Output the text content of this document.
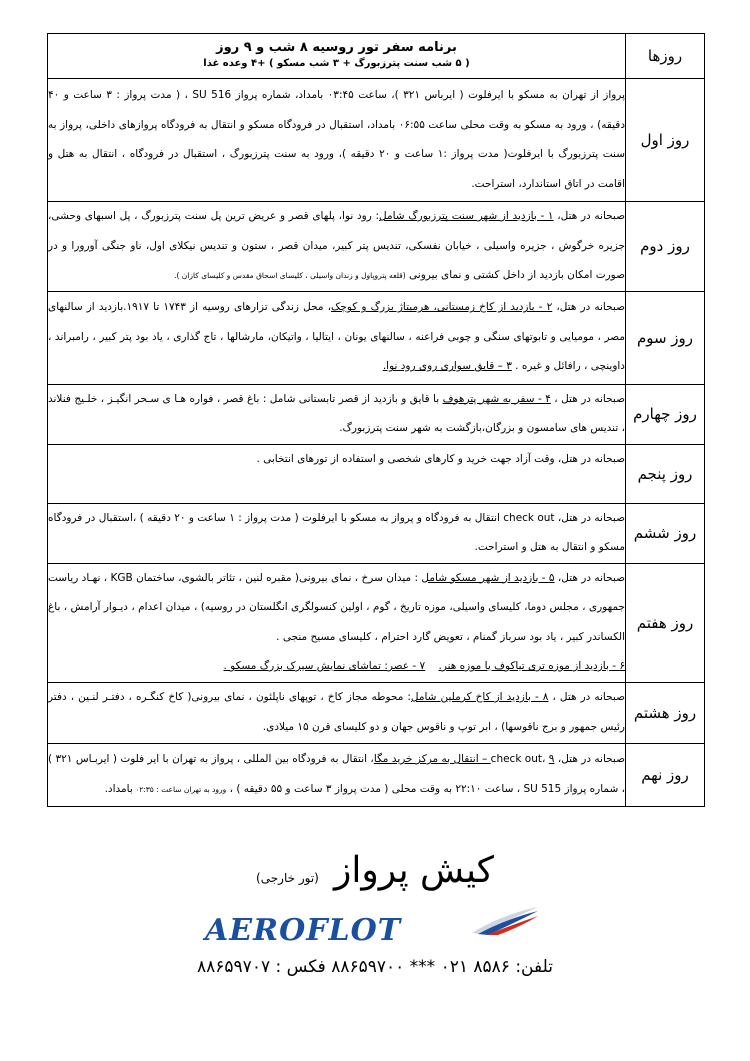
روزها	برنامه سفر تور روسیه ۸ شب و ۹ روز
( ۵ شب سنت پترزبورگ + ۳ شب مسکو ) +۴ وعده غذا

روز اول	پرواز از تهران به مسکو با ایرفلوت ( ایرباس ۳۲۱ )، ساعت ۰۳:۴۵ بامداد، شماره پرواز SU 516 ، ( مدت پرواز : ۳ ساعت و ۴۰ دقیقه) ، ورود به مسکو به وقت محلی ساعت ۰۶:۵۵ بامداد، استقبال در فرودگاه مسکو و انتقال به فرودگاه پروازهای داخلی، پرواز به سنت پترزبورگ با ایرفلوت( مدت پرواز :۱ ساعت و ۲۰ دقیقه )، ورود به سنت پترزبورگ ، استقبال در فرودگاه ، انتقال به هتل و اقامت در اتاق استاندارد، استراحت.
روز دوم	صبحانه در هتل، ۱ - بازدید از شهر سنت پترزبورگ شامل: رود نوا، پلهای قصر و عریض ترین پل سنت پترزبورگ ، پل اسبهای وحشی، جزیره خرگوش ، جزیره واسیلی ، خیابان نفسکی، تندیس پتر کبیر، میدان قصر ، ستون و تندیس نیکلای اول، ناو جنگی آورورا و در صورت امکان بازدید از داخل کشتی و نمای بیرونی (قلعه پتروپاول و زندان واسیلی ، کلیسای اسحاق مقدس و کلیسای کازان ).
روز سوم	صبحانه در هتل، ۲ - بازدید از کاخ زمستانی، هرمیتاژ بزرگ و کوچک، محل زندگی تزارهای روسیه از ۱۷۴۳ تا ۱۹۱۷.بازدید از سالنهای مصر ، مومیایی و تابوتهای سنگی و چوبی فراعنه ، سالنهای یونان ، ایتالیا ، واتیکان، مارشالها ، تاج گذاری ، یاد بود پتر کبیر ، رامبراند ، داوینچی ، رافائل و غیره . ۳ – قایق سواری روی رود نوا.
روز چهارم	صبحانه در هتل ، ۴ - سفر به شهر پترهوف با قایق و بازدید از قصر تابستانی شامل : باغ قصر ، فواره هـا ی سـحر انگیـز ، خلـیج فنلاند ، تندیس های سامسون و بزرگان،بازگشت به شهر سنت پترزبورگ.
روز پنجم	صبحانه در هتل، وقت آزاد جهت خرید و کارهای شخصی و استفاده از تورهای انتخابی .
روز ششم	صبحانه در هتل، check out انتقال به فرودگاه و پرواز به مسکو با ایرفلوت ( مدت پرواز : ۱ ساعت و ۲۰ دقیقه ) ،استقبال در فرودگاه مسکو و انتقال به هتل و استراحت.
روز هفتم	صبحانه در هتل، ۵ - بازدید از شهر مسکو شامل : میدان سرخ ، نمای بیرونی( مقبره لنین ، تئاتر بالشوی، ساختمان KGB ، نهـاد ریاست جمهوری ، مجلس دوما، کلیسای واسیلی، موزه تاریخ ، گوم ، اولین کنسولگری انگلستان در روسیه) ، میدان اعدام ، دیـوار آرامش ، باغ الکساندر کبیر ، یاد بود سرباز گمنام ، تعویض گارد احترام ، کلیسای مسیح منجی .
۶ - بازدید از موزه تری تیاکوف یا موزه هنر.    ۷ - عصر: تماشای نمایش سیرک بزرگ مسکو .
روز هشتم	صبحانه در هتل ، ۸ - بازدید از کاخ کرملین شامل: محوطه مجاز کاخ ، توپهای ناپلئون ، نمای بیرونی( کاخ کنگـره ، دفتـر لنـین ، دفتر رئیس جمهور و برج ناقوسها) ، ابر توپ و ناقوس جهان و دو کلیسای قرن ۱۵ میلادی.
روز نهم	صبحانه در هتل، check out، ۹ – انتقال به مرکز خرید مگا، انتقال به فرودگاه بین المللی ، پرواز به تهران با ایر فلوت ( ایربـاس ۳۲۱ ) ، شماره پرواز SU 515 ، ساعت ۲۲:۱۰ به وقت محلی ( مدت پرواز ۳ ساعت و ۵۵ دقیقه ) ، ورود به تهران ساعت : ۰۲:۳۵ بامداد.
کیش پرواز (تور خارجی)
AEROFLOT
تلفن: ۸۵۸۶ ۰۲۱ *** ۸۸۶۵۹۷۰۰ فکس : ۸۸۶۵۹۷۰۷
